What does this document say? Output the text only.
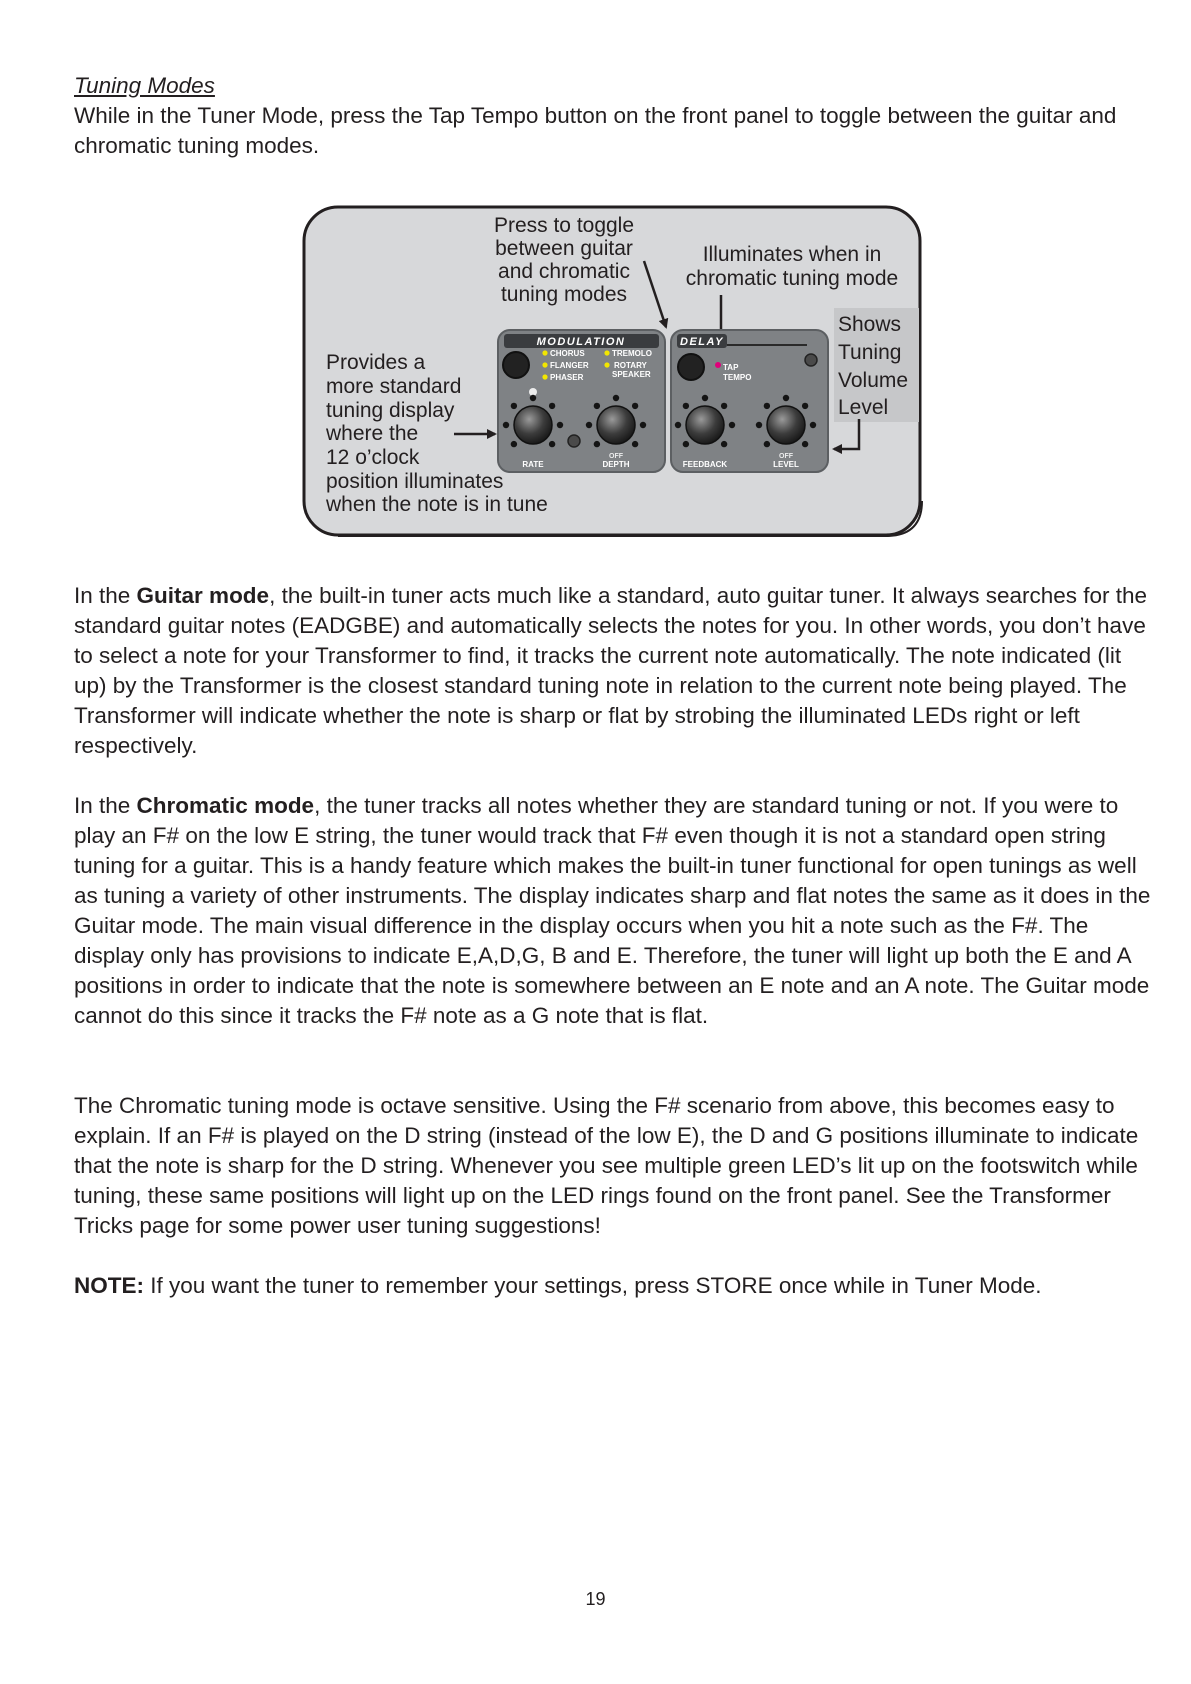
Tuning Modes

While in the Tuner Mode, press the Tap Tempo button on the front panel to toggle between the guitar and chromatic tuning modes.

Press to toggle
between guitar
and chromatic
tuning modes
Illuminates when in
chromatic tuning mode
Shows
Tuning
Volume
Level
Provides a
more standard
tuning display
where the
12 o’clock
position illuminates
when the note is in tune
MODULATION
CHORUS
FLANGER
PHASER
TREMOLO
ROTARY
SPEAKER
OFF
RATE	DEPTH
DELAY
TAP
TEMPO
OFF
FEEDBACK	LEVEL

In the Guitar mode, the built-in tuner acts much like a standard, auto guitar tuner. It always searches for the standard guitar notes (EADGBE) and automatically selects the notes for you. In other words, you don’t have to select a note for your Transformer to find, it tracks the current note automatically. The note indicated (lit up) by the Transformer is the closest standard tuning note in relation to the current note being played. The Transformer will indicate whether the note is sharp or flat by strobing the illuminated LEDs right or left respectively.

In the Chromatic mode, the tuner tracks all notes whether they are standard tuning or not. If you were to play an F# on the low E string, the tuner would track that F# even though it is not a standard open string tuning for a guitar. This is a handy feature which makes the built-in tuner functional for open tunings as well as tuning a variety of other instruments. The display indicates sharp and flat notes the same as it does in the Guitar mode. The main visual difference in the display occurs when you hit a note such as the F#. The display only has provisions to indicate E,A,D,G, B and E. Therefore, the tuner will light up both the E and A positions in order to indicate that the note is somewhere between an E note and an A note. The Guitar mode cannot do this since it tracks the F# note as a G note that is flat.

The Chromatic tuning mode is octave sensitive. Using the F# scenario from above, this becomes easy to explain. If an F# is played on the D string (instead of the low E), the D and G positions illuminate to indicate that the note is sharp for the D string. Whenever you see multiple green LED’s lit up on the footswitch while tuning, these same positions will light up on the LED rings found on the front panel. See the Transformer Tricks page for some power user tuning suggestions!

NOTE: If you want the tuner to remember your settings, press STORE once while in Tuner Mode.

19
